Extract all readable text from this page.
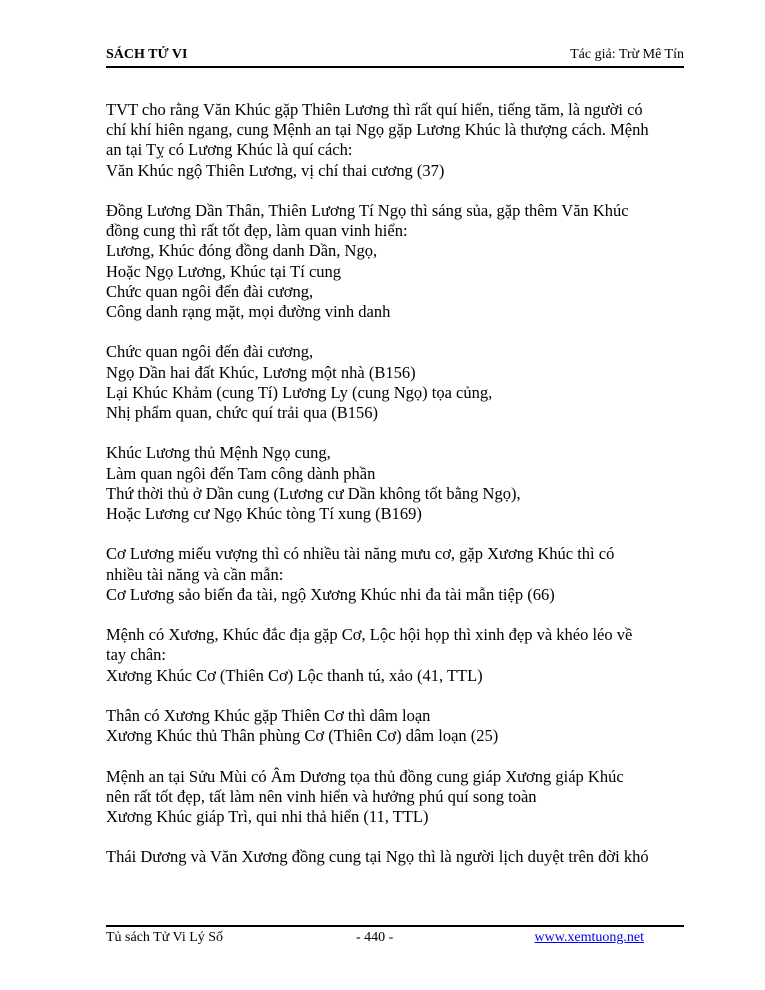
SÁCH TỬ VI	Tác giả: Trừ Mê Tín
TVT cho rằng Văn Khúc gặp Thiên Lương thì rất quí hiển, tiếng tăm, là người có
chí khí hiên ngang, cung Mệnh an tại Ngọ gặp Lương Khúc là thượng cách. Mệnh
an tại Tỵ có Lương Khúc là quí cách:
Văn Khúc ngộ Thiên Lương, vị chí thai cương (37)
Đồng Lương Dần Thân, Thiên Lương Tí Ngọ thì sáng sủa, gặp thêm Văn Khúc
đồng cung thì rất tốt đẹp, làm quan vinh hiển:
Lương, Khúc đóng đồng danh Dần, Ngọ,
Hoặc Ngọ Lương, Khúc tại Tí cung
Chức quan ngôi đến đài cương,
Công danh rạng mặt, mọi đường vinh danh
Chức quan ngôi đến đài cương,
Ngọ Dần hai đất Khúc, Lương một nhà (B156)
Lại Khúc Khảm (cung Tí) Lương Ly (cung Ngọ) tọa củng,
Nhị phẩm quan, chức quí trải qua (B156)
Khúc Lương thủ Mệnh Ngọ cung,
Làm quan ngôi đến Tam công dành phần
Thứ thời thủ ở Dần cung (Lương cư Dần không tốt bằng Ngọ),
Hoặc Lương cư Ngọ Khúc tòng Tí xung (B169)
Cơ Lương miếu vượng thì có nhiều tài năng mưu cơ, gặp Xương Khúc thì có
nhiều tài năng và cần mẫn:
Cơ Lương sảo biến đa tài, ngộ Xương Khúc nhi đa tài mẫn tiệp (66)
Mệnh có Xương, Khúc đắc địa gặp Cơ, Lộc hội họp thì xinh đẹp và khéo léo về
tay chân:
Xương Khúc Cơ (Thiên Cơ) Lộc thanh tú, xảo (41, TTL)
Thân có Xương Khúc gặp Thiên Cơ thì dâm loạn
Xương Khúc thủ Thân phùng Cơ (Thiên Cơ) dâm loạn (25)
Mệnh an tại Sửu Mùi có Âm Dương tọa thủ đồng cung giáp Xương giáp Khúc
nên rất tốt đẹp, tất làm nên vinh hiển và hưởng phú quí song toàn
Xương Khúc giáp Trì, qui nhi thả hiển (11, TTL)
Thái Dương và Văn Xương đồng cung tại Ngọ thì là người lịch duyệt trên đời khó
Tủ sách Tử Vi Lý Số	- 440 -	www.xemtuong.net
